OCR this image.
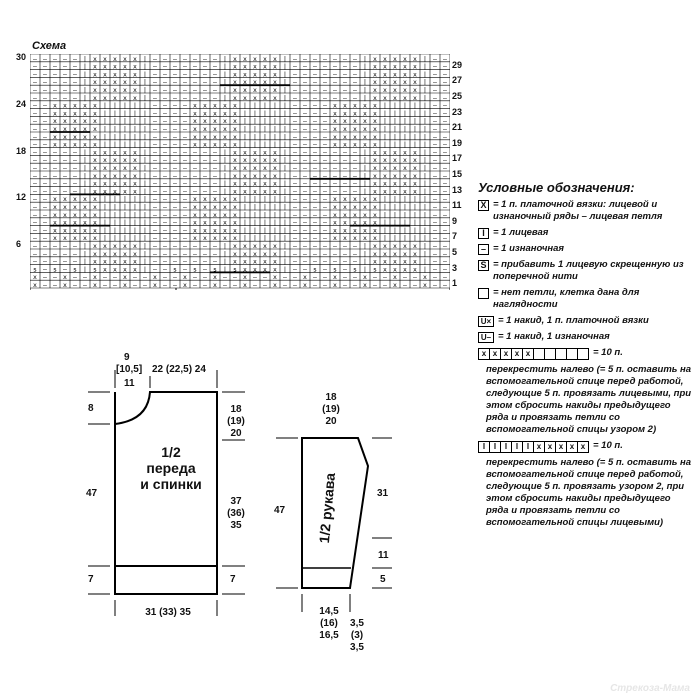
Схема
– – – – – | x x x x x | – – – – – – – | x x x x x | – – – – – – – | x x x x x | – –
– – – – – | x x x x x | – – – – – – – | x x x x x | – – – – – – – | x x x x x | – –
– – – – – | x x x x x | – – – – – – – | x x x x x | – – – – – – – | x x x x x | – –
– – – – – | x x x x x | – – – – – – – | x x x x x | – – – – – – – | x x x x x | – –
– – – – – | x x x x x | – – – – – – – | x x x x x | – – – – – – – | x x x x x | – –
– – – – – | x x x x x | – – – – – – – | x x x x x | – – – – – – – | x x x x x | – –
– – x x x x x | | | | | – – – – x x x x x | | | | | – – – – x x x x x | | | | | – –
– – x x x x x | | | | | – – – – x x x x x | | | | | – – – – x x x x x | | | | | – –
– – x x x x x | | | | | – – – – x x x x x | | | | | – – – – x x x x x | | | | | – –
– – x x x x x | | | | | – – – – x x x x x | | | | | – – – – x x x x x | | | | | – –
– – x x x x x | | | | | – – – – x x x x x | | | | | – – – – x x x x x | | | | | – –
– – x x x x x | | | | | – – – – x x x x x | | | | | – – – – x x x x x | | | | | – –
– – – – – | x x x x x | – – – – – – – | x x x x x | – – – – – – – | x x x x x | – –
– – – – – | x x x x x | – – – – – – – | x x x x x | – – – – – – – | x x x x x | – –
– – – – – | x x x x x | – – – – – – – | x x x x x | – – – – – – – | x x x x x | – –
– – – – – | x x x x x | – – – – – – – | x x x x x | – – – – – – – | x x x x x | – –
– – – – – | x x x x x | – – – – – – – | x x x x x | – – – – – – – | x x x x x | – –
– – – – – | x x x x x | – – – – – – – | x x x x x | – – – – – – – | x x x x x | – –
– – x x x x x | | | | | – – – – x x x x x | | | | | – – – – x x x x x | | | | | – –
– – x x x x x | | | | | – – – – x x x x x | | | | | – – – – x x x x x | | | | | – –
– – x x x x x | | | | | – – – – x x x x x | | | | | – – – – x x x x x | | | | | – –
– – x x x x x | | | | | – – – – x x x x x | | | | | – – – – x x x x x | | | | | – –
– – x x x x x | | | | | – – – – x x x x x | | | | | – – – – x x x x x | | | | | – –
– – x x x x x | | | | | – – – – x x x x x | | | | | – – – – x x x x x | | | | | – –
– – – – – | x x x x x | – – – – – – – | x x x x x | – – – – – – – | x x x x x | – –
– – – – – | x x x x x | – – – – – – – | x x x x x | – – – – – – – | x x x x x | – –
– – – – – | x x x x x | – – – – – – – | x x x x x | – – – – – – – | x x x x x | – –
s – s – s | s x x x x | – – s – s – s | s x x x x | – – s – s – s | s x x x x | – –
x – – x – – x – – x – – x – – x – – x – – x – – x – – x – – x – – x – – x – – x – –
x – – x – – x – – x – – x – – x – – x – – x – – x – – x – – x – – x – – x – – x – –
30
24
18
12
6
29
27
25
23
21
19
17
15
13
11
9
7
5
3
1
Условные обозначения:
X = 1 п. платочной вязки: лицевой и изнаночный ряды – лицевая петля
I = 1 лицевая
– = 1 изнаночная
S = прибавить 1 лицевую скрещенную из поперечной нити
= нет петли, клетка дана для наглядности
U× = 1 накид, 1 п. платочной вязки
U– = 1 накид, 1 изнаночная
x x x x x	= 10 п.
перекрестить налево (= 5 п. оставить на вспомогательной спице перед работой, следующие 5 п. провязать лицевыми, при этом сбросить накиды предыдущего ряда и провязать петли со вспомогательной спицы узором 2)
I	I	I	I	I x x x x x = 10 п.
перекрестить налево (= 5 п. оставить на вспомогательной спице перед работой, следующие 5 п. провязать узором 2, при этом сбросить накиды предыдущего ряда и провязать петли со вспомогательной спицы лицевыми)
9
[10,5] 22 (22,5) 24
11
8
47
7
18
(19)
20
37
(36)
35
7
31 (33) 35
1/2
переда
и спинки
18
(19)
20
47
31
11
5
14,5
(16)
16,5
3,5
(3)
3,5
1/2 рукава
Стрекоза-Мама
